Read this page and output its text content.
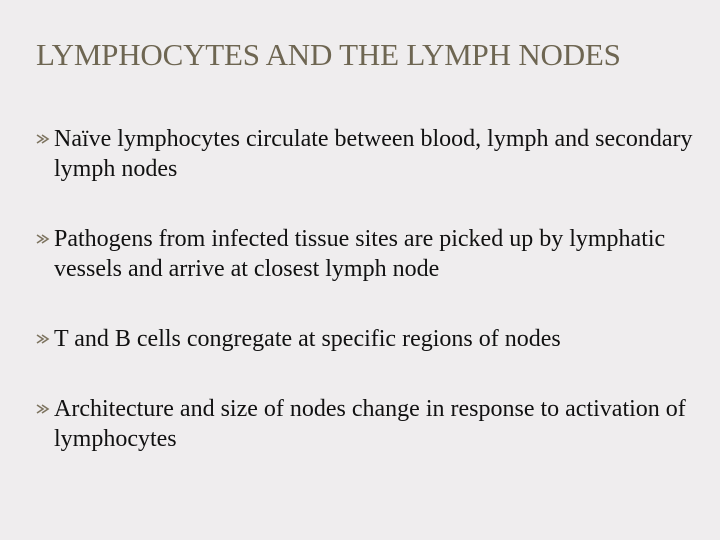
LYMPHOCYTES AND THE LYMPH NODES
Naïve lymphocytes circulate between blood, lymph and secondary lymph nodes
Pathogens from infected tissue sites are picked up by lymphatic vessels and arrive at closest lymph node
T and B cells congregate at specific regions of nodes
Architecture and size of nodes change in response to activation of lymphocytes
